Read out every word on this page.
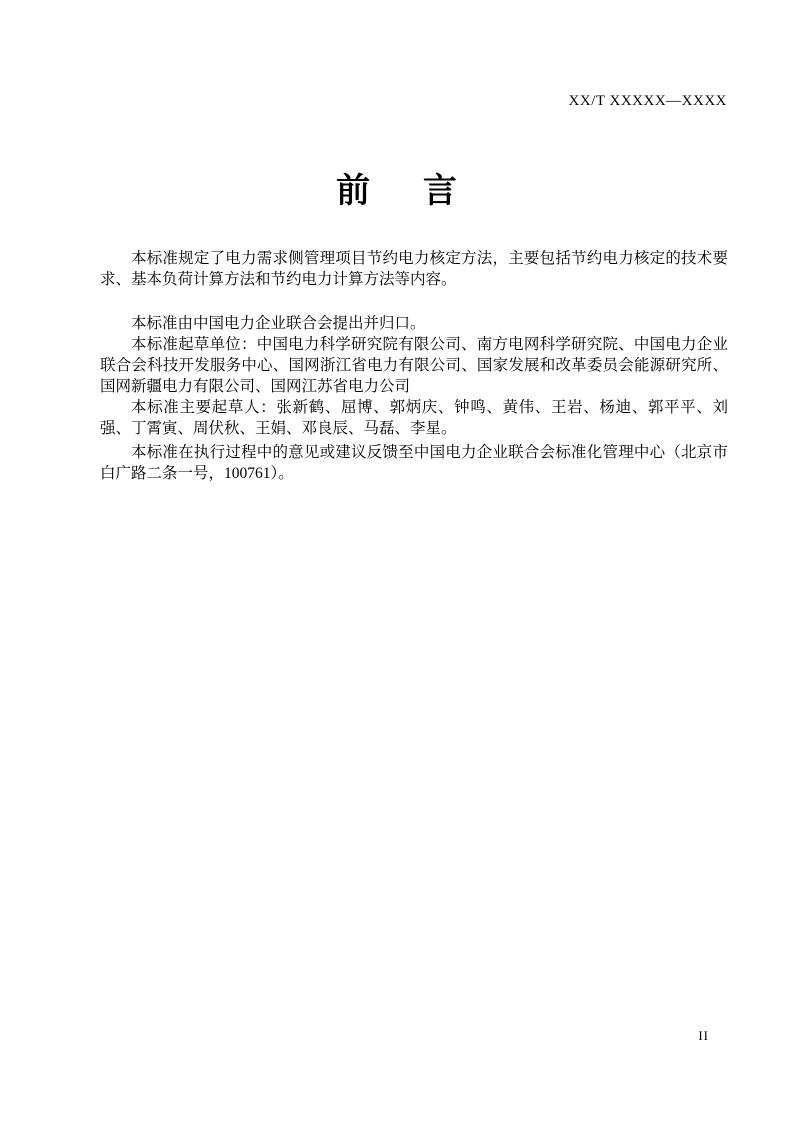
XX/T XXXXX—XXXX
前言

本标准规定了电力需求侧管理项目节约电力核定方法，主要包括节约电力核定的技术要求、基本负荷计算方法和节约电力计算方法等内容。

本标准由中国电力企业联合会提出并归口。

本标准起草单位：中国电力科学研究院有限公司、南方电网科学研究院、中国电力企业联合会科技开发服务中心、国网浙江省电力有限公司、国家发展和改革委员会能源研究所、国网新疆电力有限公司、国网江苏省电力公司

本标准主要起草人：张新鹤、屈博、郭炳庆、钟鸣、黄伟、王岩、杨迪、郭平平、刘强、丁霄寅、周伏秋、王娟、邓良辰、马磊、李星。

本标准在执行过程中的意见或建议反馈至中国电力企业联合会标准化管理中心（北京市白广路二条一号，100761）。

II
